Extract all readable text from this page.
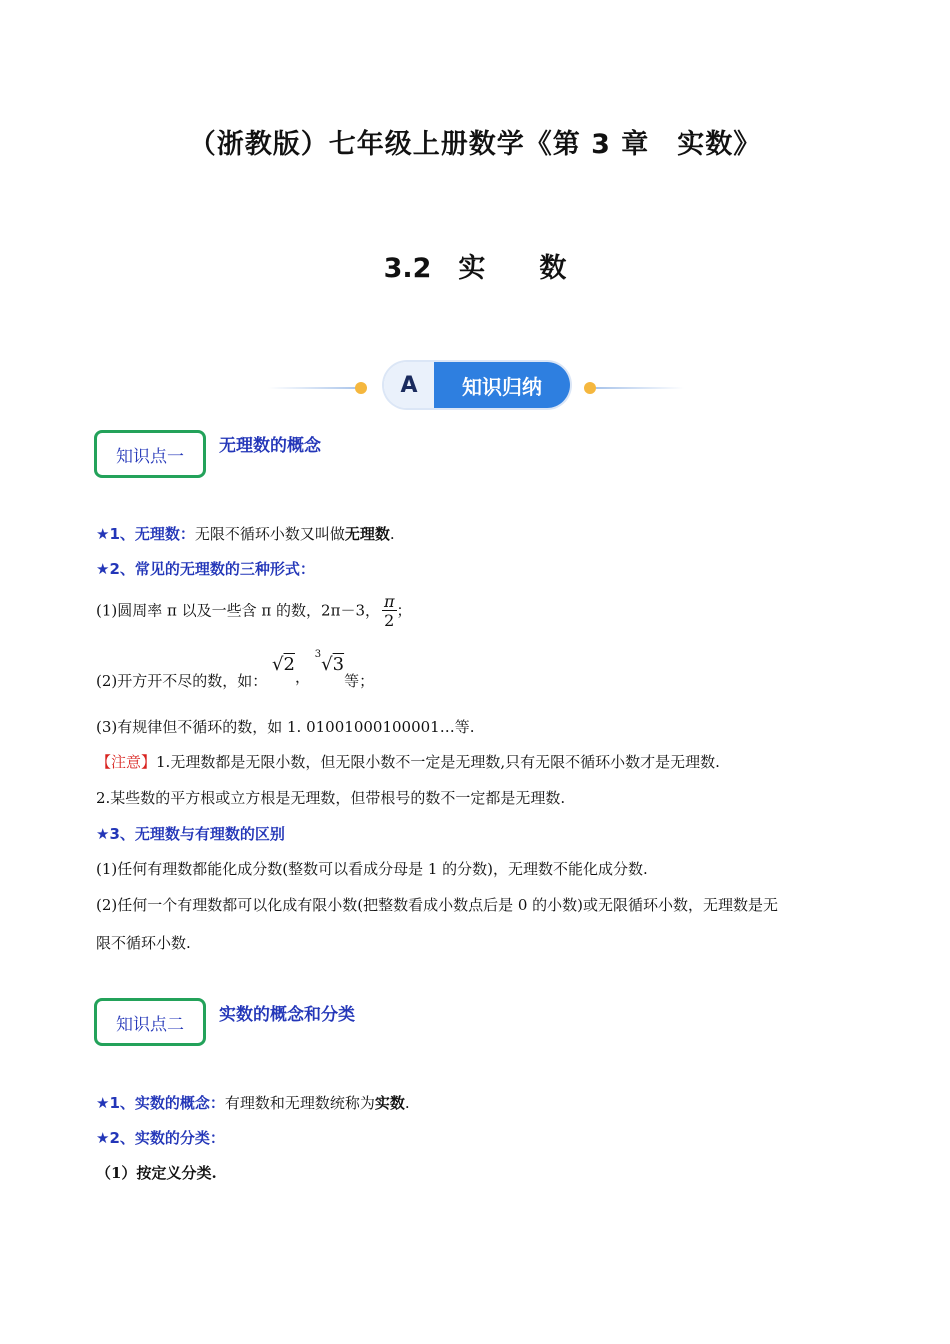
（浙教版）七年级上册数学《第 3 章　实数》
3.2　实　　数
A	知识归纳
知识点一
无理数的概念
★1、无理数：无限不循环小数又叫做无理数.
★2、常见的无理数的三种形式：
(1)圆周率 π 以及一些含 π 的数，2π－3， $\frac{\pi}{2}$ ；
(2)开方开不尽的数，如： √2， $^3$√3等；
(3)有规律但不循环的数，如 1. 01001000100001…等.
【注意】1.无理数都是无限小数，但无限小数不一定是无理数,只有无限不循环小数才是无理数.
2.某些数的平方根或立方根是无理数，但带根号的数不一定都是无理数.
★3、无理数与有理数的区别
(1)任何有理数都能化成分数(整数可以看成分母是 1 的分数)，无理数不能化成分数.
(2)任何一个有理数都可以化成有限小数(把整数看成小数点后是 0 的小数)或无限循环小数，无理数是无
限不循环小数.
知识点二	实数的概念和分类
★1、实数的概念：有理数和无理数统称为实数.
★2、实数的分类：
（1）按定义分类.
